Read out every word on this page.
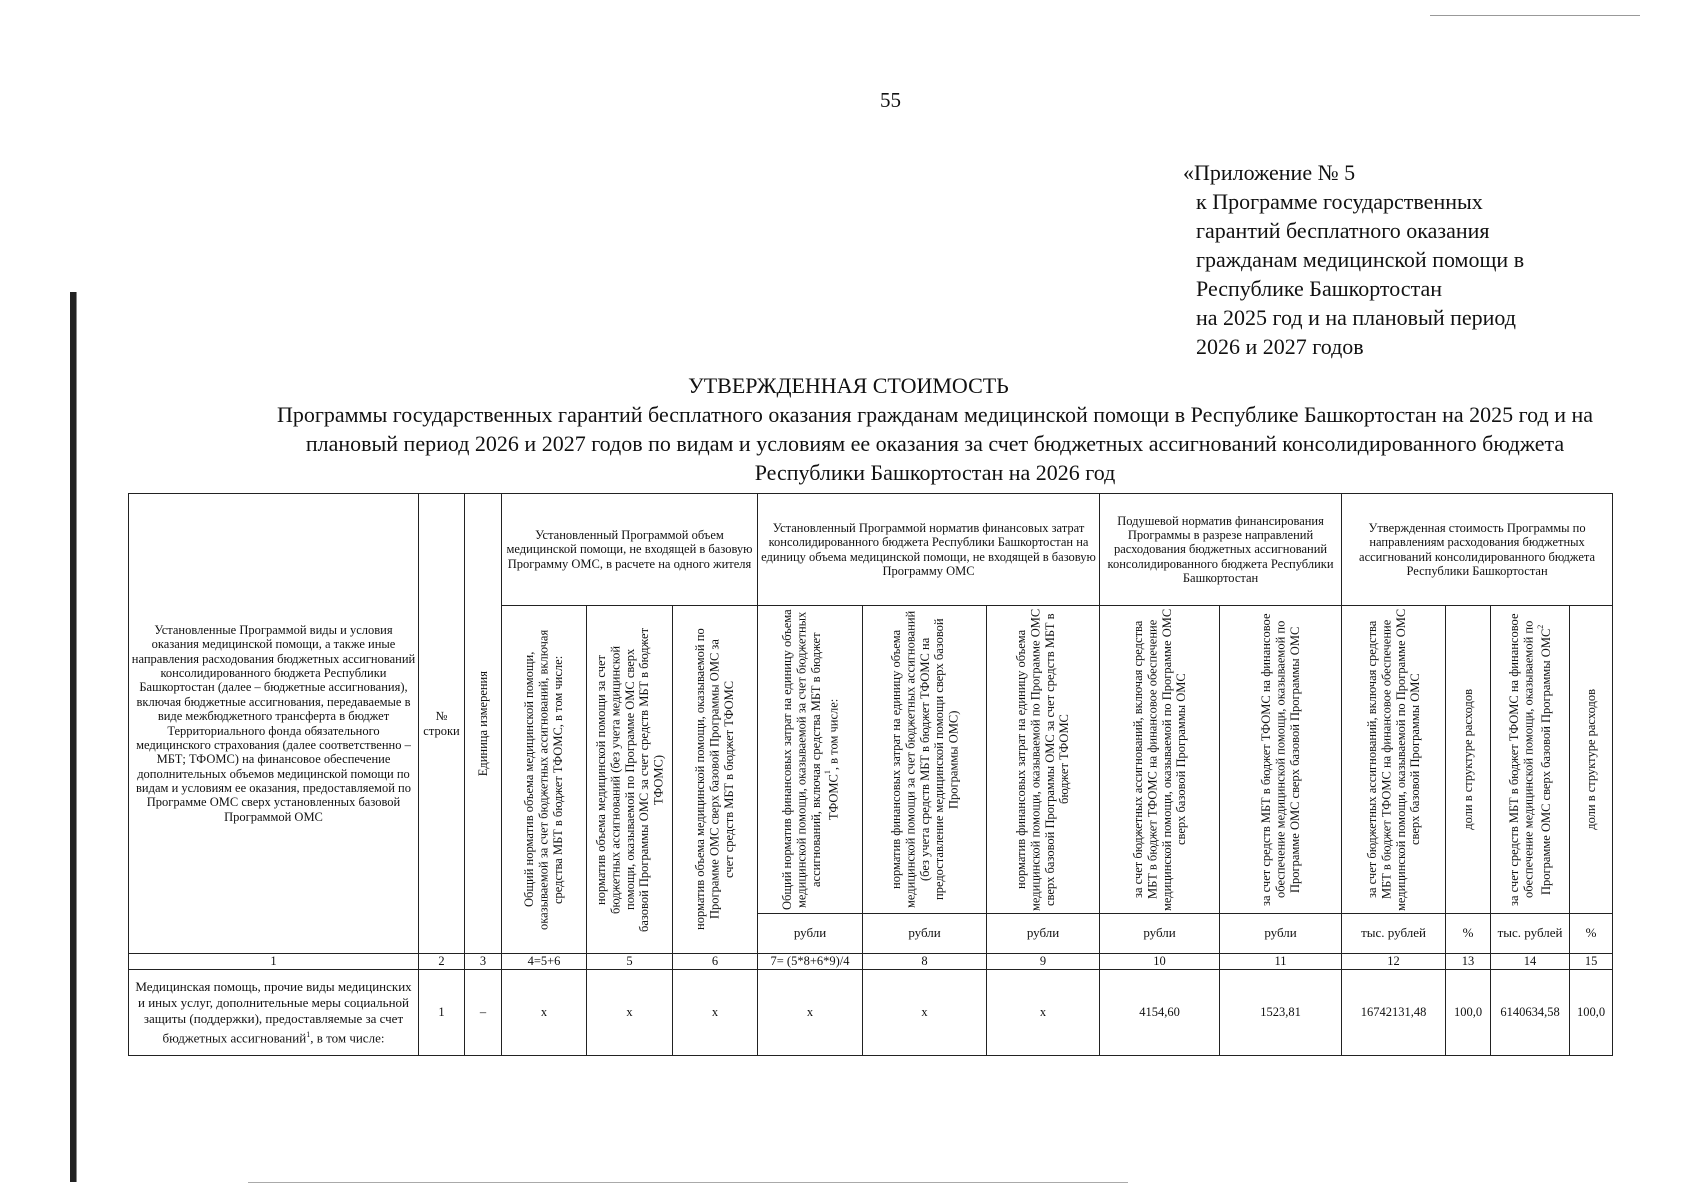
55
«Приложение № 5
к Программе государственных
гарантий бесплатного оказания
гражданам медицинской помощи в
Республике Башкортостан
на 2025 год и на плановый период
2026 и 2027 годов
УТВЕРЖДЕННАЯ СТОИМОСТЬ
Программы государственных гарантий бесплатного оказания гражданам медицинской помощи в Республике Башкортостан на 2025 год и на плановый период 2026 и 2027 годов по видам и условиям ее оказания за счет бюджетных ассигнований консолидированного бюджета Республики Башкортостан на 2026 год
Установленные Программой виды и условия оказания медицинской помощи, а также иные направления расходования бюджетных ассигнований консолидированного бюджета Республики Башкортостан (далее – бюджетные ассигнования), включая бюджетные ассигнования, передаваемые в виде межбюджетного трансферта в бюджет Территориального фонда обязательного медицинского страхования (далее соответственно – МБТ; ТФОМС) на финансовое обеспечение дополнительных объемов медицинской помощи по видам и условиям ее оказания, предоставляемой по Программе ОМС сверх установленных базовой Программой ОМС	№ строки	Единица измерения	Установленный Программой объем медицинской помощи, не входящей в базовую Программу ОМС, в расчете на одного жителя			Установленный Программой норматив финансовых затрат консолидированного бюджета Республики Башкортостан на единицу объема медицинской помощи, не входящей в базовую Программу ОМС			Подушевой норматив финансирования Программы в разрезе направлений расходования бюджетных ассигнований консолидированного бюджета Республики Башкортостан		Утвержденная стоимость Программы по направлениям расходования бюджетных ассигнований консолидированного бюджета Республики Башкортостан			

			Общий норматив объема медицинской помощи, оказываемой за счет бюджетных ассигнований, включая средства МБТ в бюджет ТФОМС, в том числе:	норматив объема медицинской помощи за счет бюджетных ассигнований (без учета медицинской помощи, оказываемой по Программе ОМС сверх базовой Программы ОМС за счет средств МБТ в бюджет ТФОМС)	норматив объема медицинской помощи, оказываемой по Программе ОМС сверх базовой Программы ОМС за счет средств МБТ в бюджет ТФОМС	Общий норматив финансовых затрат на единицу объема медицинской помощи, оказываемой за счет бюджетных ассигнований, включая средства МБТ в бюджет ТФОМС$^1$, в том числе:	норматив финансовых затрат на единицу объема медицинской помощи за счет бюджетных ассигнований (без учета средств МБТ в бюджет ТФОМС на предоставление медицинской помощи сверх базовой Программы ОМС)	норматив финансовых затрат на единицу объема медицинской помощи, оказываемой по Программе ОМС сверх базовой Программы ОМС за счет средств МБТ в бюджет ТФОМС	за счет бюджетных ассигнований, включая средства МБТ в бюджет ТФОМС на финансовое обеспечение медицинской помощи, оказываемой по Программе ОМС сверх базовой Программы ОМС	за счет средств МБТ в бюджет ТФОМС на финансовое обеспечение медицинской помощи, оказываемой по Программе ОМС сверх базовой Программы ОМС	за счет бюджетных ассигнований, включая средства МБТ в бюджет ТФОМС на финансовое обеспечение медицинской помощи, оказываемой по Программе ОМС сверх базовой Программы ОМС	доли в структуре расходов	за счет средств МБТ в бюджет ТФОМС на финансовое обеспечение медицинской помощи, оказываемой по Программе ОМС сверх базовой Программы ОМС$^2$	доли в структуре расходов

						рубли	рубли	рубли	рубли	рубли	тыс. рублей	%	тыс. рублей	%
1	2	3	4=5+6	5	6	7= (5*8+6*9)/4	8	9	10	11	12	13	14	15
Медицинская помощь, прочие виды медицинских и иных услуг, дополнительные меры социальной защиты (поддержки), предоставляемые за счет бюджетных ассигнований$^1$, в том числе:	1	–	х	х	х	х	х	х	4154,60	1523,81	16742131,48	100,0	6140634,58	100,0
